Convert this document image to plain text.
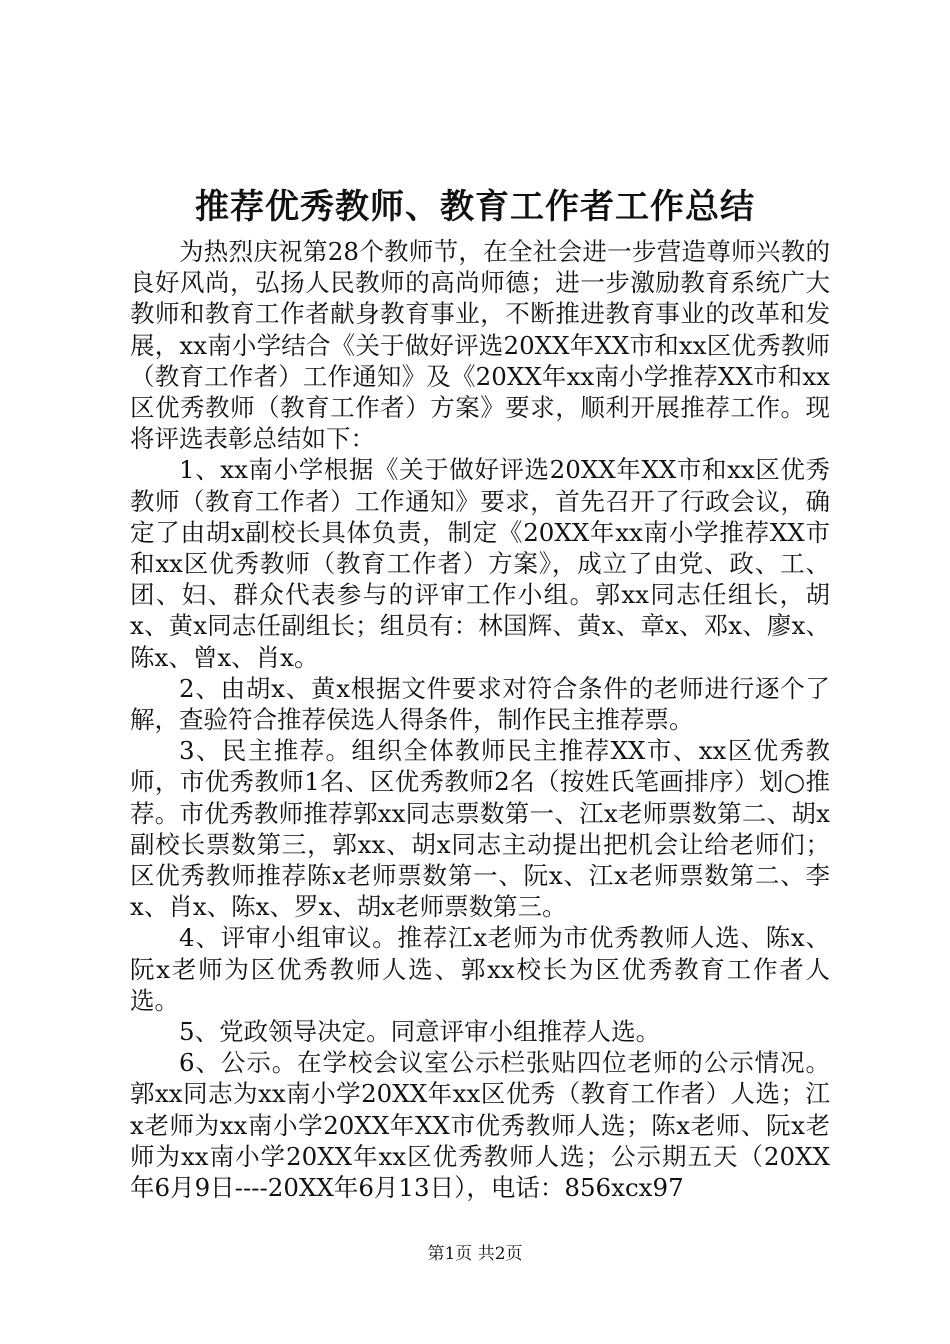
推荐优秀教师、教育工作者工作总结

为热烈庆祝第28个教师节，在全社会进一步营造尊师兴教的良好风尚，弘扬人民教师的高尚师德；进一步激励教育系统广大教师和教育工作者献身教育事业，不断推进教育事业的改革和发展，xx南小学结合《关于做好评选20XX年XX市和xx区优秀教师（教育工作者）工作通知》及《20XX年xx南小学推荐XX市和xx区优秀教师（教育工作者）方案》要求，顺利开展推荐工作。现将评选表彰总结如下：

1、xx南小学根据《关于做好评选20XX年XX市和xx区优秀教师（教育工作者）工作通知》要求，首先召开了行政会议，确定了由胡x副校长具体负责，制定《20XX年xx南小学推荐XX市和xx区优秀教师（教育工作者）方案》，成立了由党、政、工、团、妇、群众代表参与的评审工作小组。郭xx同志任组长，胡x、黄x同志任副组长；组员有：林国辉、黄x、章x、邓x、廖x、陈x、曾x、肖x。

2、由胡x、黄x根据文件要求对符合条件的老师进行逐个了解，查验符合推荐侯选人得条件，制作民主推荐票。

3、民主推荐。组织全体教师民主推荐XX市、xx区优秀教师，市优秀教师1名、区优秀教师2名（按姓氏笔画排序）划○推荐。市优秀教师推荐郭xx同志票数第一、江x老师票数第二、胡x副校长票数第三，郭xx、胡x同志主动提出把机会让给老师们；区优秀教师推荐陈x老师票数第一、阮x、江x老师票数第二、李x、肖x、陈x、罗x、胡x老师票数第三。

4、评审小组审议。推荐江x老师为市优秀教师人选、陈x、阮x老师为区优秀教师人选、郭xx校长为区优秀教育工作者人选。

5、党政领导决定。同意评审小组推荐人选。

6、公示。在学校会议室公示栏张贴四位老师的公示情况。郭xx同志为xx南小学20XX年xx区优秀（教育工作者）人选；江x老师为xx南小学20XX年XX市优秀教师人选；陈x老师、阮x老师为xx南小学20XX年xx区优秀教师人选；公示期五天（20XX年6月9日----20XX年6月13日），电话：856xcx97

第1页 共2页
